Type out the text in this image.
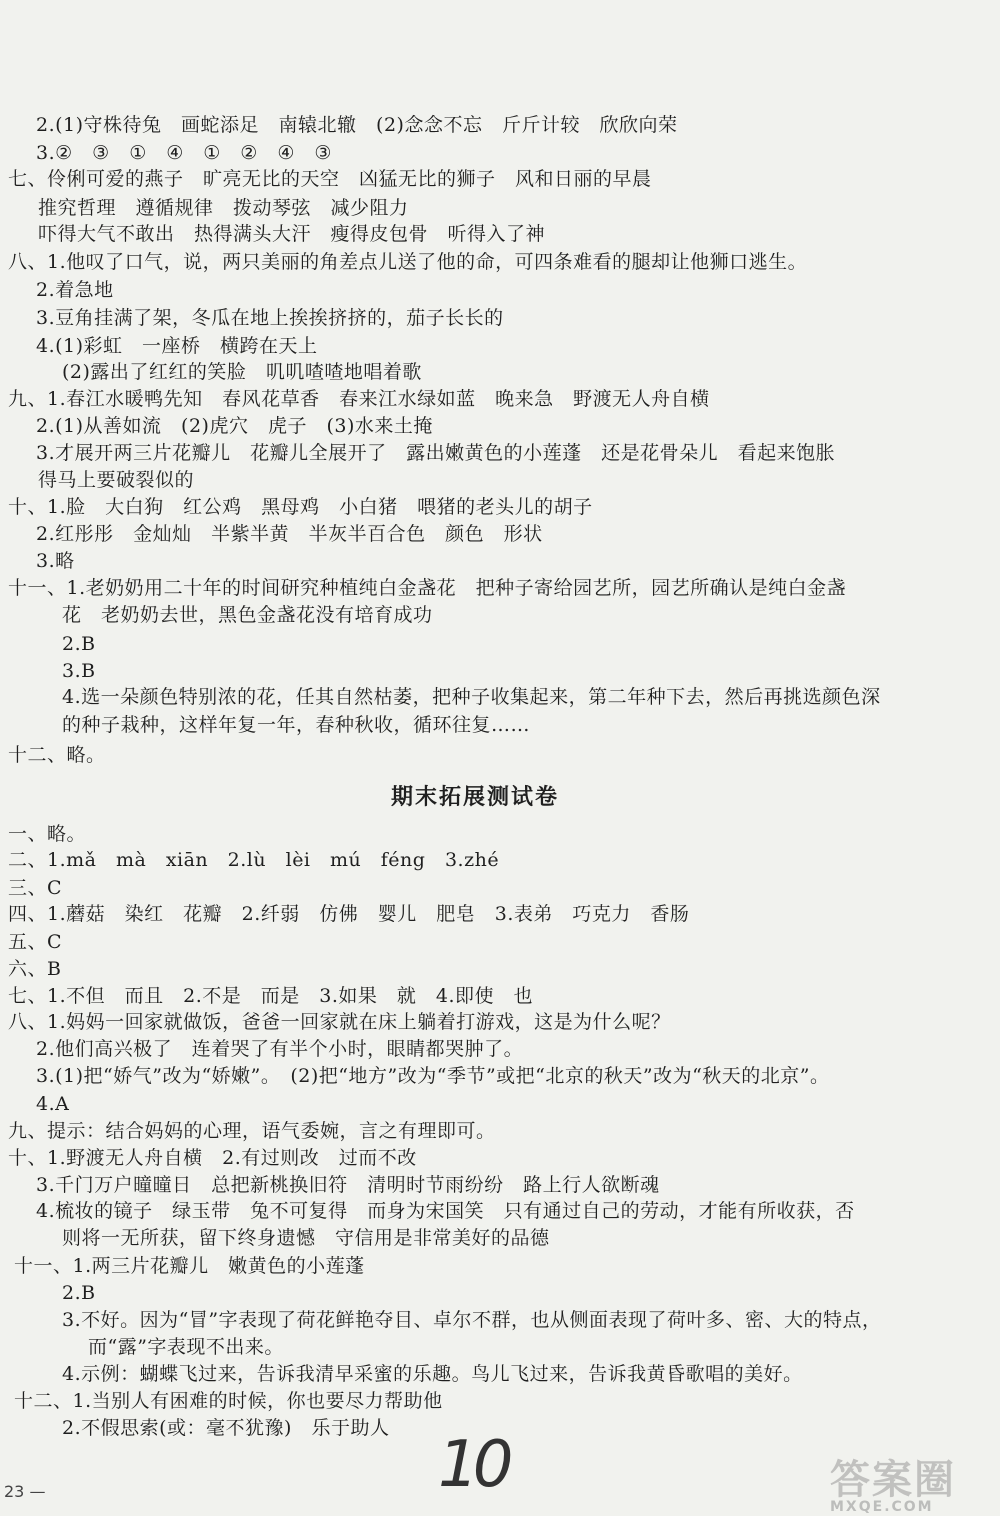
2.(1)守株待兔　画蛇添足　南辕北辙　(2)念念不忘　斤斤计较　欣欣向荣
3.②　③　①　④　①　②　④　③
七、伶俐可爱的燕子　旷亮无比的天空　凶猛无比的狮子　风和日丽的早晨
推究哲理　遵循规律　拨动琴弦　减少阻力
吓得大气不敢出　热得满头大汗　瘦得皮包骨　听得入了神
八、1.他叹了口气，说，两只美丽的角差点儿送了他的命，可四条难看的腿却让他狮口逃生。
2.着急地
3.豆角挂满了架，冬瓜在地上挨挨挤挤的，茄子长长的
4.(1)彩虹　一座桥　横跨在天上
(2)露出了红红的笑脸　叽叽喳喳地唱着歌
九、1.春江水暖鸭先知　春风花草香　春来江水绿如蓝　晚来急　野渡无人舟自横
2.(1)从善如流　(2)虎穴　虎子　(3)水来土掩
3.才展开两三片花瓣儿　花瓣儿全展开了　露出嫩黄色的小莲蓬　还是花骨朵儿　看起来饱胀
得马上要破裂似的
十、1.脸　大白狗　红公鸡　黑母鸡　小白猪　喂猪的老头儿的胡子
2.红彤彤　金灿灿　半紫半黄　半灰半百合色　颜色　形状
3.略
十一、1.老奶奶用二十年的时间研究种植纯白金盏花　把种子寄给园艺所，园艺所确认是纯白金盏
花　老奶奶去世，黑色金盏花没有培育成功
2.B
3.B
4.选一朵颜色特别浓的花，任其自然枯萎，把种子收集起来，第二年种下去，然后再挑选颜色深
的种子栽种，这样年复一年，春种秋收，循环往复……
十二、略。
期末拓展测试卷
一、略。
二、1.mǎ　mà　xiān　2.lù　lèi　mú　féng　3.zhé
三、C
四、1.蘑菇　染红　花瓣　2.纤弱　仿佛　婴儿　肥皂　3.表弟　巧克力　香肠
五、C
六、B
七、1.不但　而且　2.不是　而是　3.如果　就　4.即使　也
八、1.妈妈一回家就做饭，爸爸一回家就在床上躺着打游戏，这是为什么呢？
2.他们高兴极了　连着哭了有半个小时，眼睛都哭肿了。
3.(1)把“娇气”改为“娇嫩”。　(2)把“地方”改为“季节”或把“北京的秋天”改为“秋天的北京”。
4.A
九、提示：结合妈妈的心理，语气委婉，言之有理即可。
十、1.野渡无人舟自横　2.有过则改　过而不改
3.千门万户曈曈日　总把新桃换旧符　清明时节雨纷纷　路上行人欲断魂
4.梳妆的镜子　绿玉带　兔不可复得　而身为宋国笑　只有通过自己的劳动，才能有所收获，否
则将一无所获，留下终身遗憾　守信用是非常美好的品德
十一、1.两三片花瓣儿　嫩黄色的小莲蓬
2.B
3.不好。因为“冒”字表现了荷花鲜艳夺目、卓尔不群，也从侧面表现了荷叶多、密、大的特点，
而“露”字表现不出来。
4.示例：蝴蝶飞过来，告诉我清早采蜜的乐趣。鸟儿飞过来，告诉我黄昏歌唱的美好。
十二、1.当别人有困难的时候，你也要尽力帮助他
2.不假思索(或：毫不犹豫)　乐于助人
23 —	10	答案圈
MXQE.COM
